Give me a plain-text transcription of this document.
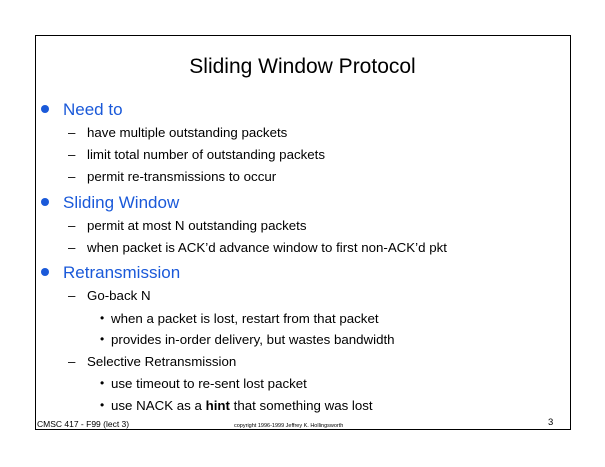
Sliding Window Protocol
Need to
– have multiple outstanding packets
– limit total number of outstanding packets
– permit re-transmissions to occur
Sliding Window
– permit at most N outstanding packets
– when packet is ACK’d advance window to first non-ACK’d pkt
Retransmission
– Go-back N
• when a packet is lost, restart from that packet
• provides in-order delivery, but wastes bandwidth
– Selective Retransmission
• use timeout to re-sent lost packet
• use NACK as a hint that something was lost
CMSC 417 - F99 (lect 3)	copyright 1996-1999 Jeffrey K. Hollingsworth	3
